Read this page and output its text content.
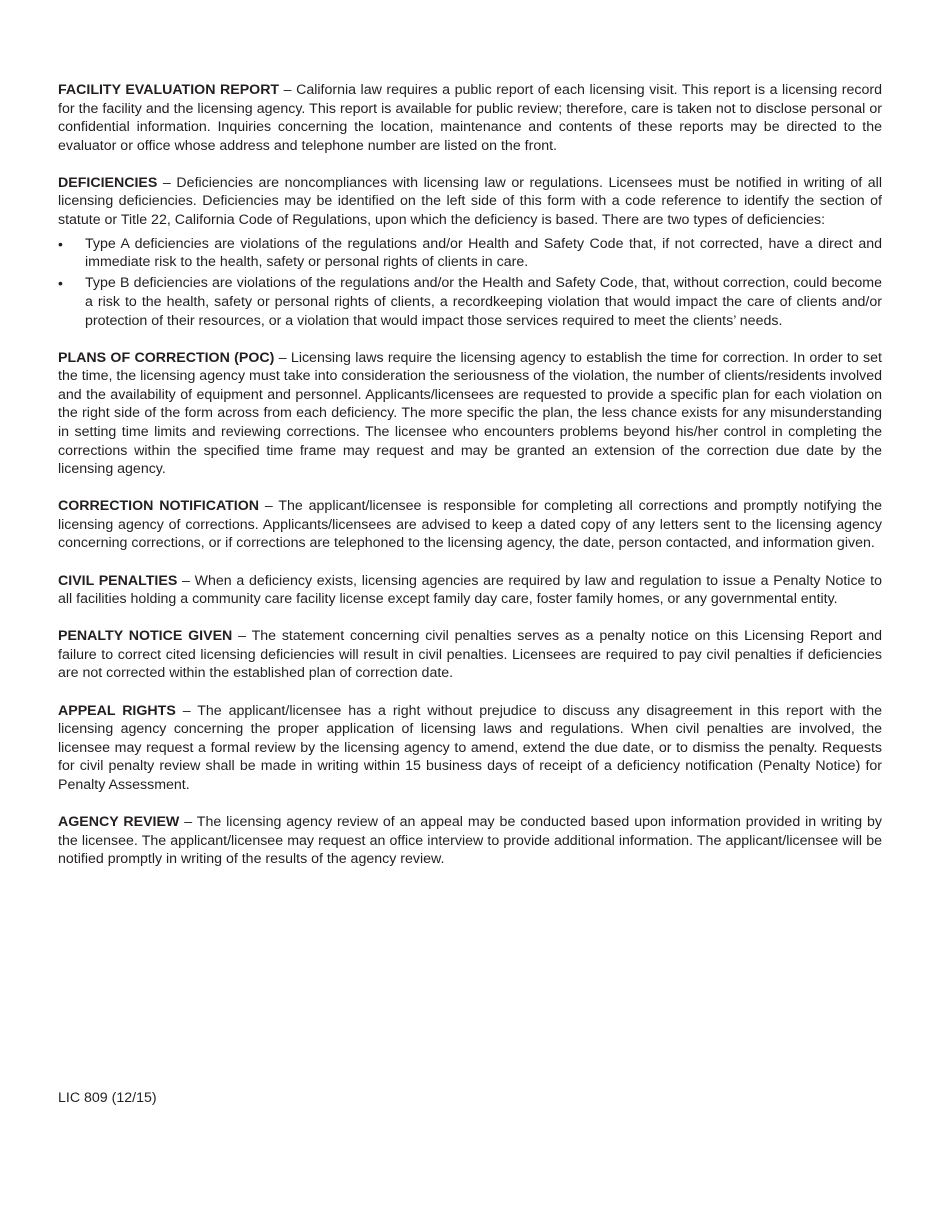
FACILITY EVALUATION REPORT – California law requires a public report of each licensing visit. This report is a licensing record for the facility and the licensing agency. This report is available for public review; therefore, care is taken not to disclose personal or confidential information. Inquiries concerning the location, maintenance and contents of these reports may be directed to the evaluator or office whose address and telephone number are listed on the front.

DEFICIENCIES – Deficiencies are noncompliances with licensing law or regulations. Licensees must be notified in writing of all licensing deficiencies. Deficiencies may be identified on the left side of this form with a code reference to identify the section of statute or Title 22, California Code of Regulations, upon which the deficiency is based. There are two types of deficiencies:

• Type A deficiencies are violations of the regulations and/or Health and Safety Code that, if not corrected, have a direct and immediate risk to the health, safety or personal rights of clients in care.
• Type B deficiencies are violations of the regulations and/or the Health and Safety Code, that, without correction, could become a risk to the health, safety or personal rights of clients, a recordkeeping violation that would impact the care of clients and/or protection of their resources, or a violation that would impact those services required to meet the clients’ needs.

PLANS OF CORRECTION (POC) – Licensing laws require the licensing agency to establish the time for correction. In order to set the time, the licensing agency must take into consideration the seriousness of the violation, the number of clients/residents involved and the availability of equipment and personnel. Applicants/licensees are requested to provide a specific plan for each violation on the right side of the form across from each deficiency. The more specific the plan, the less chance exists for any misunderstanding in setting time limits and reviewing corrections. The licensee who encounters problems beyond his/her control in completing the corrections within the specified time frame may request and may be granted an extension of the correction due date by the licensing agency.

CORRECTION NOTIFICATION – The applicant/licensee is responsible for completing all corrections and promptly notifying the licensing agency of corrections. Applicants/licensees are advised to keep a dated copy of any letters sent to the licensing agency concerning corrections, or if corrections are telephoned to the licensing agency, the date, person contacted, and information given.

CIVIL PENALTIES – When a deficiency exists, licensing agencies are required by law and regulation to issue a Penalty Notice to all facilities holding a community care facility license except family day care, foster family homes, or any governmental entity.

PENALTY NOTICE GIVEN – The statement concerning civil penalties serves as a penalty notice on this Licensing Report and failure to correct cited licensing deficiencies will result in civil penalties. Licensees are required to pay civil penalties if deficiencies are not corrected within the established plan of correction date.

APPEAL RIGHTS – The applicant/licensee has a right without prejudice to discuss any disagreement in this report with the licensing agency concerning the proper application of licensing laws and regulations. When civil penalties are involved, the licensee may request a formal review by the licensing agency to amend, extend the due date, or to dismiss the penalty. Requests for civil penalty review shall be made in writing within 15 business days of receipt of a deficiency notification (Penalty Notice) for Penalty Assessment.

AGENCY REVIEW – The licensing agency review of an appeal may be conducted based upon information provided in writing by the licensee. The applicant/licensee may request an office interview to provide additional information. The applicant/licensee will be notified promptly in writing of the results of the agency review.

LIC 809 (12/15)
